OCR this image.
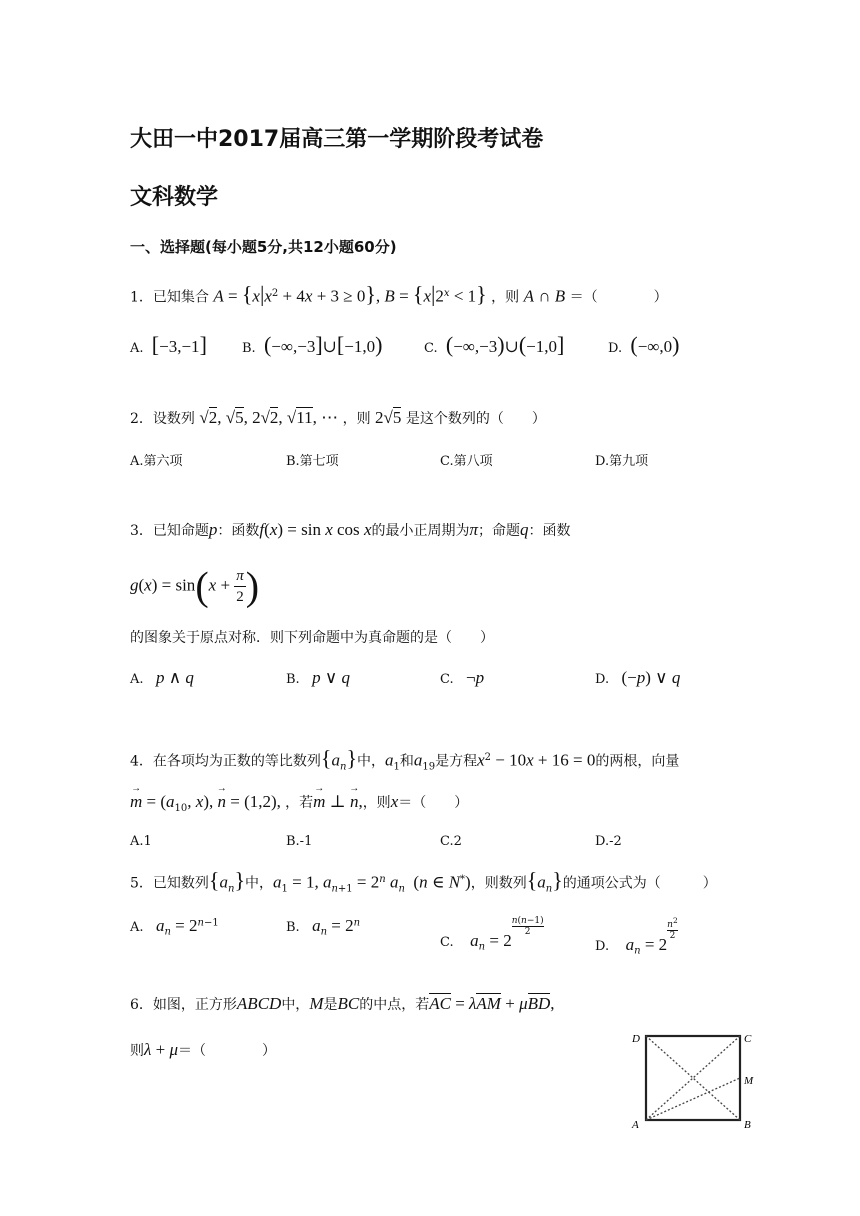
大田一中2017届高三第一学期阶段考试卷
文科数学
一、选择题(每小题5分,共12小题60分)
1．已知集合 $A = \{x|x^2 + 4x + 3 \ge 0\}$, $B = \{x|2^x < 1\}$ ，则 A ∩ B ＝（　　　　）
A. [−3,−1]	B. (−∞,−3]∪[−1,0)	C. (−∞,−3)∪(−1,0]	D. (−∞,0)
2．设数列 √2, √5, 2√2, √11, ⋯ ，则 2√5 是这个数列的（　　）
A.第六项	B.第七项	C.第八项	D.第九项
3．已知命题p：函数f(x) = sin x cos x的最小正周期为π；命题q：函数
$g(x) = \sin(x + \frac{\pi}{2}$ )
的图象关于原点对称．则下列命题中为真命题的是（　　）
A. p ∧ q	B. p ∨ q	C. ¬p	D. (−p) ∨ q
4．在各项均为正数的等比数列$\{a_n\}$中，$a_1$和$a_{19}$是方程$x^2 - 10x + 16 = 0$的两根，向量
→ $m = (a_{10}$, x), → n = (1,2), ，若→ m ⊥ → n,，则x＝（　　）
A.1	B.-1	C.2	D.-2
5．已知数列$\{a_n\}$中，$a_1 = 1$, $a_{n+1} = 2^n$ $a_n$  (n ∈ N*)，则数列$\{a_n\}$的通项公式为（　　　）
A. $a_n = 2^{n-1}$	B. $a_n = 2^n$
C. $a_n = 2$
$^{\frac{n(n-1)}{2}}$
D. $a_n = 2$
$^{\frac{n^2}{2}}$
6．如图，正方形ABCD中，M是BC的中点，若AC = λAM + μBD,
则λ + μ＝（　　　　）
D	C
M
A	B
